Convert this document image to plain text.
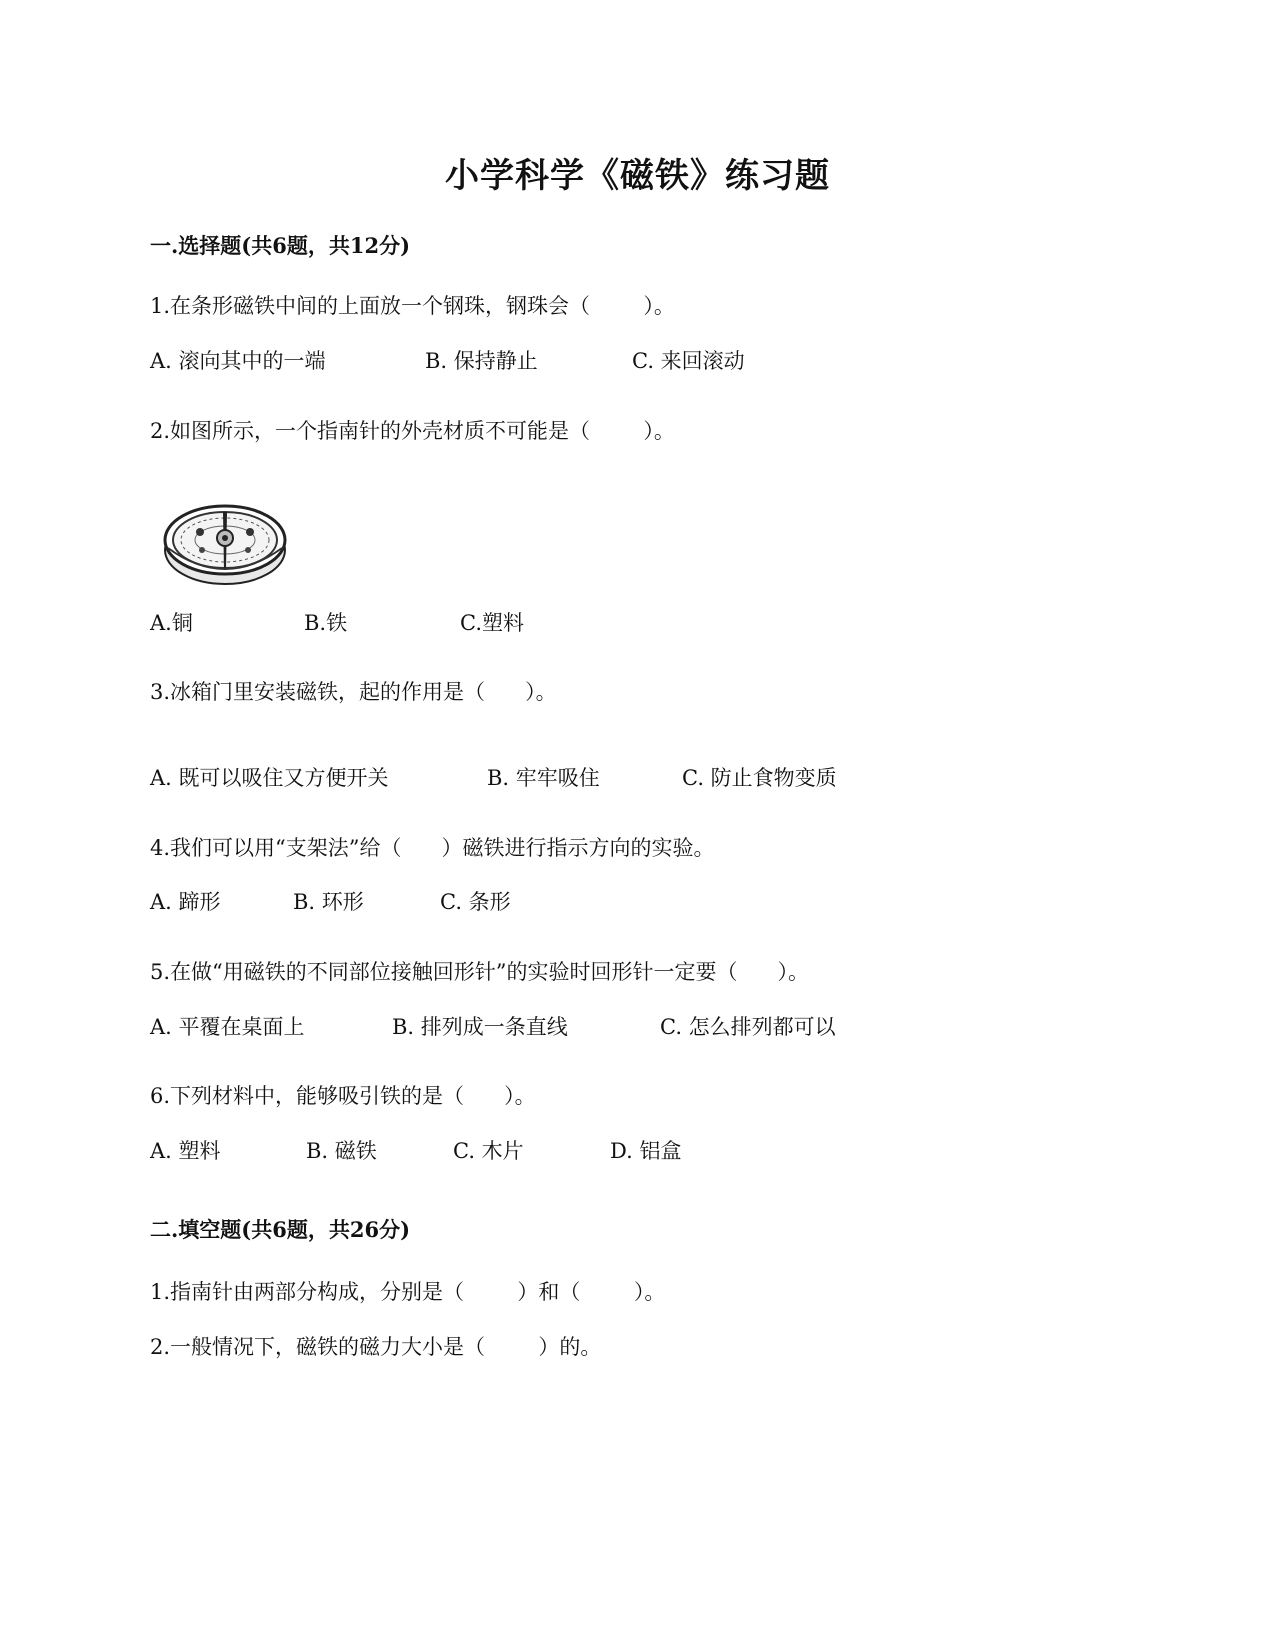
小学科学《磁铁》练习题
一.选择题(共6题，共12分)
1.在条形磁铁中间的上面放一个钢珠，钢珠会（        ）。
A. 滚向其中的一端	B. 保持静止	C. 来回滚动
2.如图所示，一个指南针的外壳材质不可能是（        ）。
A.铜	B.铁	C.塑料
3.冰箱门里安装磁铁，起的作用是（      ）。
A. 既可以吸住又方便开关	B. 牢牢吸住	C. 防止食物变质
4.我们可以用“支架法”给（      ）磁铁进行指示方向的实验。
A. 蹄形	B. 环形	C. 条形
5.在做“用磁铁的不同部位接触回形针”的实验时回形针一定要（      ）。
A. 平覆在桌面上	B. 排列成一条直线	C. 怎么排列都可以
6.下列材料中，能够吸引铁的是（      ）。
A. 塑料	B. 磁铁	C. 木片	D. 铝盒
二.填空题(共6题，共26分)
1.指南针由两部分构成，分别是（        ）和（        ）。
2.一般情况下，磁铁的磁力大小是（        ）的。
